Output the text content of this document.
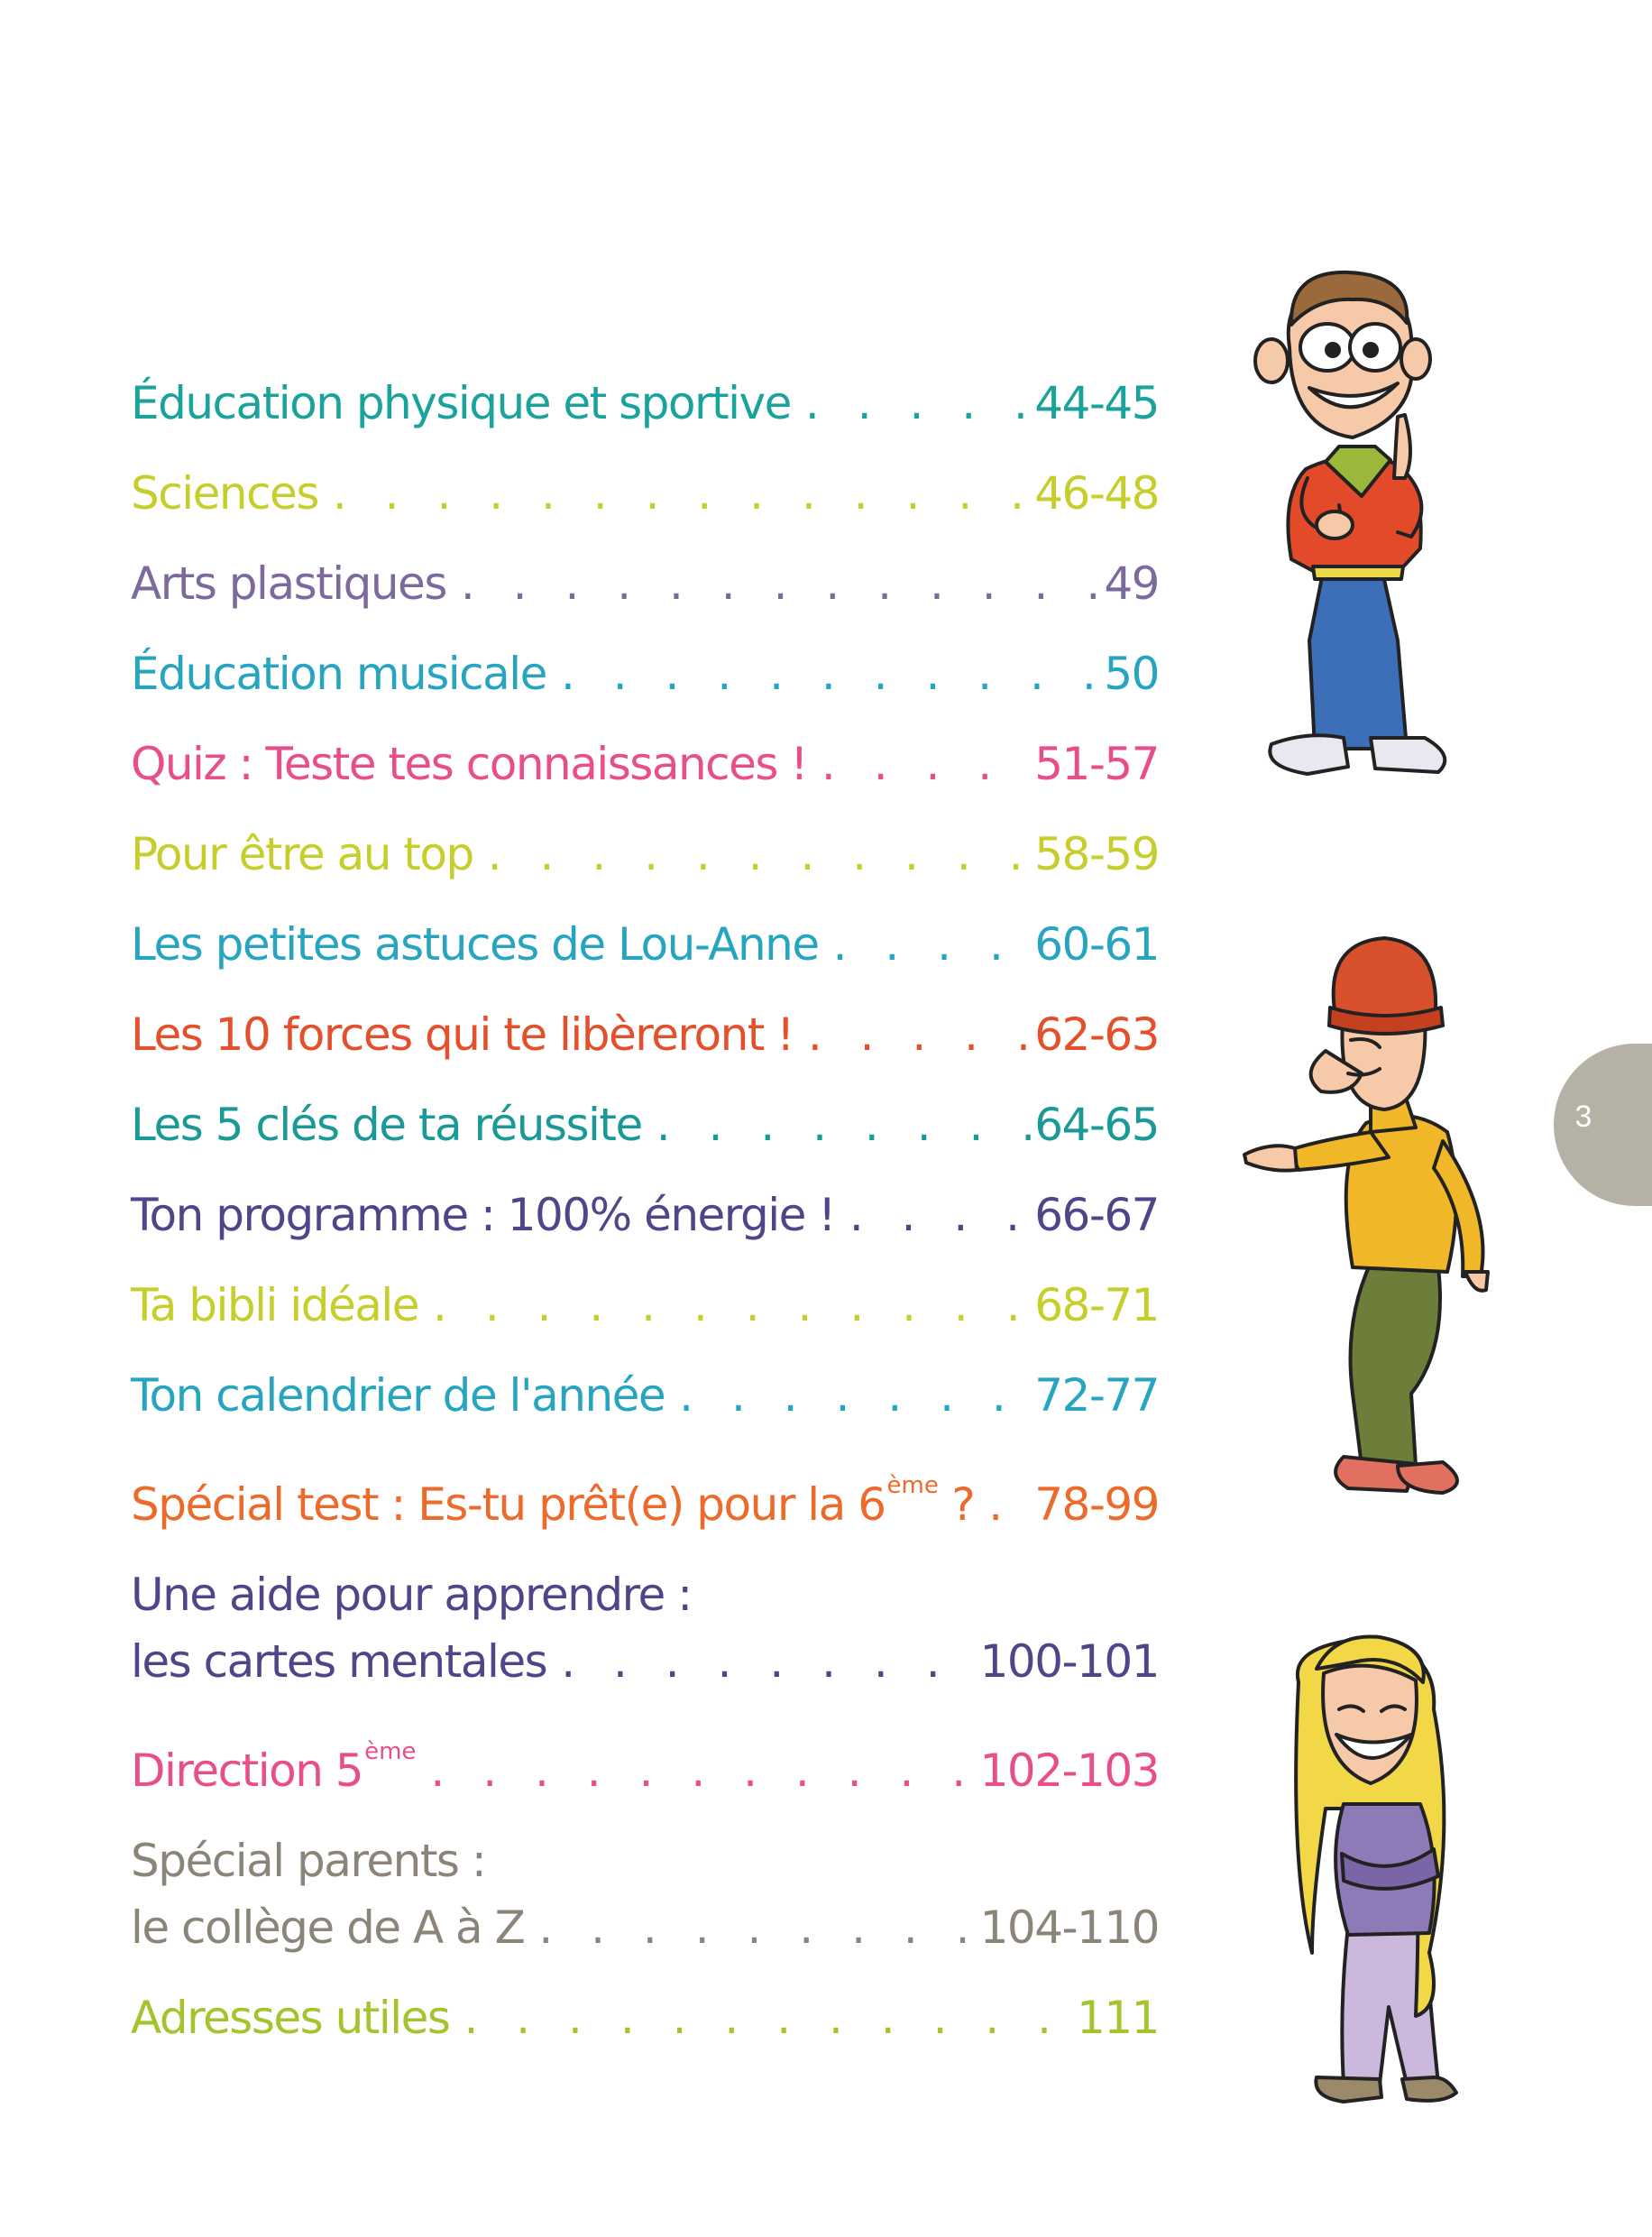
Éducation physique et sportive . . .	44-45
Sciences . . .	46-48
Arts plastiques . . .	49
Éducation musicale . . .	50
Quiz : Teste tes connaissances ! . . .	51-57
Pour être au top . . .	58-59
Les petites astuces de Lou-Anne . . .	60-61
Les 10 forces qui te libèreront ! . . .	62-63
Les 5 clés de ta réussite . . .	64-65
Ton programme : 100% énergie ! . . .	66-67
Ta bibli idéale . . .	68-71
Ton calendrier de l'année . . .	72-77
Spécial test : Es-tu prêt(e) pour la 6ème ? . . . 78-99
Une aide pour apprendre :
les cartes mentales . . .	100-101
Direction 5ème . . .	102-103
Spécial parents :
le collège de A à Z . . .	104-110
Adresses utiles . . .	111
3
